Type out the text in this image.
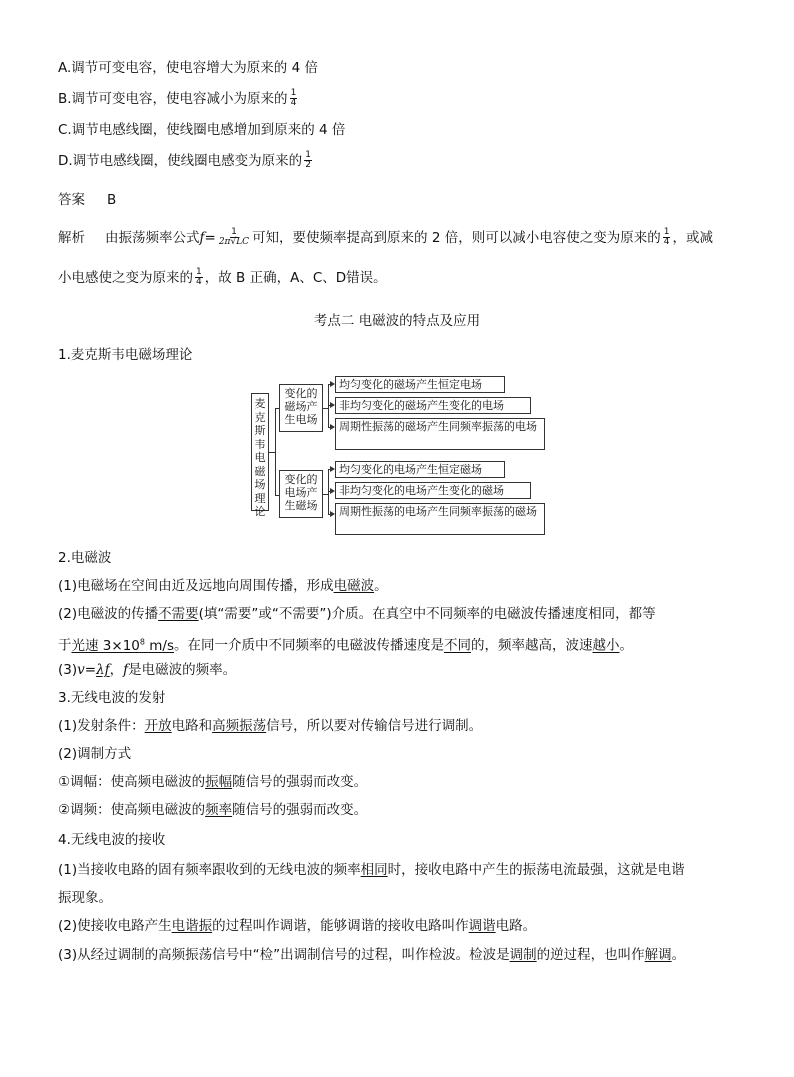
A.调节可变电容，使电容增大为原来的 4 倍
B.调节可变电容，使电容减小为原来的 $\frac{1}{4}$
C.调节电感线圈，使线圈电感增加到原来的 4 倍
D.调节电感线圈，使线圈电感变为原来的 $\frac{1}{2}$
答案 B
解析 由振荡频率公式$f= \frac{1}{2\pi√LC}$ 可知，要使频率提高到原来的 2 倍，则可以减小电容使之变为原来的 $\frac{1}{4}$ ，或减
小电感使之变为原来的 $\frac{1}{4}$ ，故 B 正确，A、C、D错误。
考点二 电磁波的特点及应用
1.麦克斯韦电磁场理论
麦克斯韦电磁场理论
变化的磁场产生电场
变化的电场产生磁场
均匀变化的磁场产生恒定电场
非均匀变化的磁场产生变化的电场
周期性振荡的磁场产生同频率振荡的电场
均匀变化的电场产生恒定磁场
非均匀变化的电场产生变化的磁场
周期性振荡的电场产生同频率振荡的磁场
2.电磁波
(1)电磁场在空间由近及远地向周围传播，形成电磁波。
(2)电磁波的传播不需要(填“需要”或“不需要”)介质。在真空中不同频率的电磁波传播速度相同，都等
于光速 $3\times 10^8$ m/s。在同一介质中不同频率的电磁波传播速度是不同的，频率越高，波速越小。
(3)v=λf，f是电磁波的频率。
3.无线电波的发射
(1)发射条件：开放电路和高频振荡信号，所以要对传输信号进行调制。
(2)调制方式
①调幅：使高频电磁波的振幅随信号的强弱而改变。
②调频：使高频电磁波的频率随信号的强弱而改变。
4.无线电波的接收
(1)当接收电路的固有频率跟收到的无线电波的频率相同时，接收电路中产生的振荡电流最强，这就是电谐
振现象。
(2)使接收电路产生电谐振的过程叫作调谐，能够调谐的接收电路叫作调谐电路。
(3)从经过调制的高频振荡信号中“检”出调制信号的过程，叫作检波。检波是调制的逆过程，也叫作解调。
